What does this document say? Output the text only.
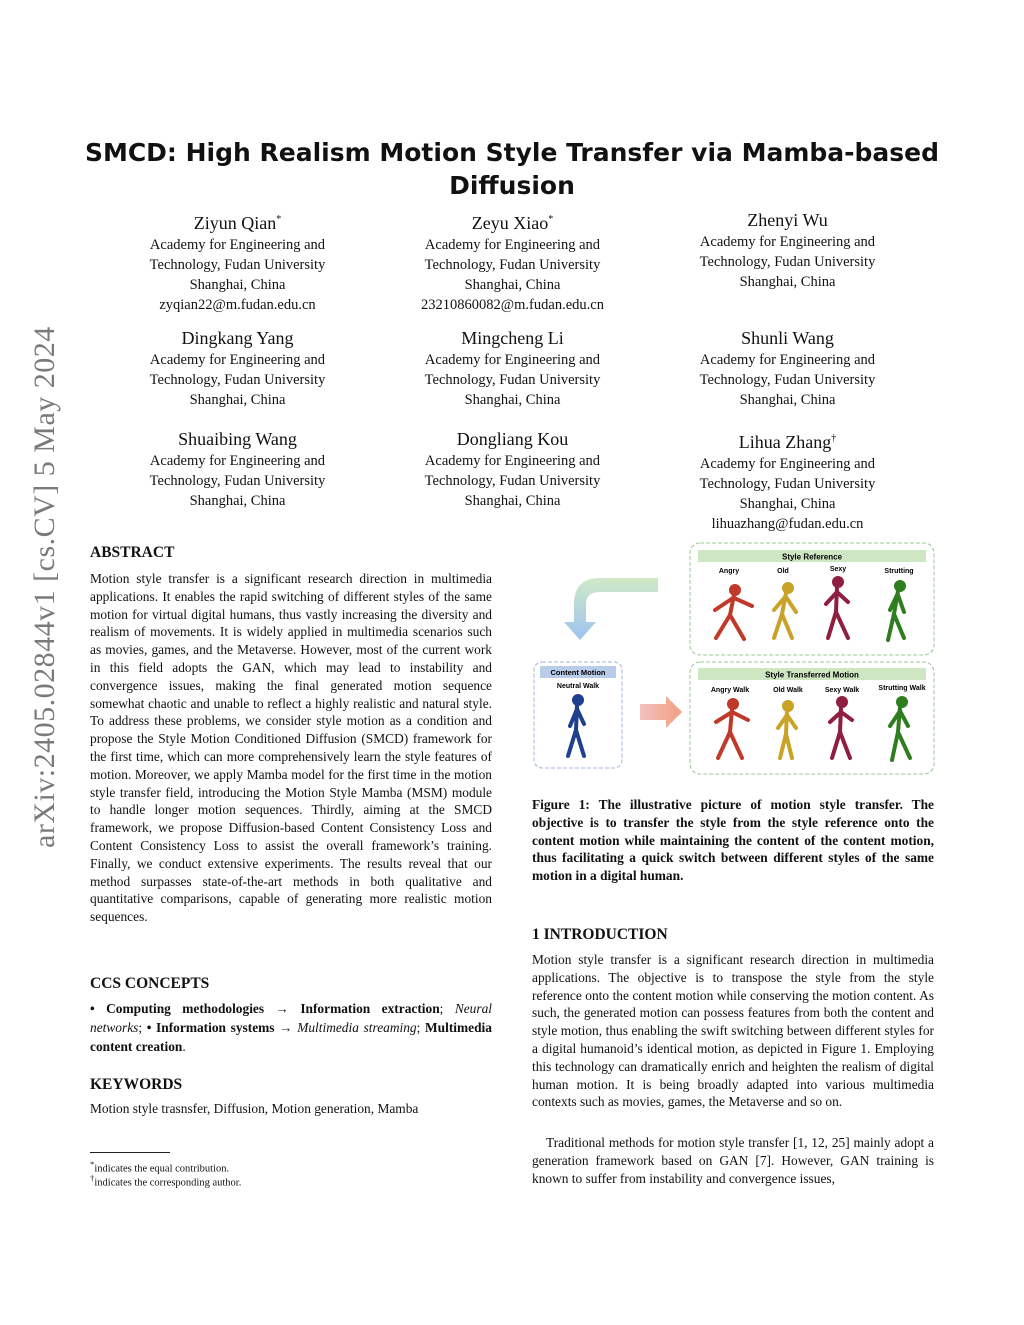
arXiv:2405.02844v1 [cs.CV] 5 May 2024
SMCD: High Realism Motion Style Transfer via Mamba-based Diffusion
Ziyun Qian*
Academy for Engineering and
Technology, Fudan University
Shanghai, China
zyqian22@m.fudan.edu.cn
Zeyu Xiao*
Academy for Engineering and
Technology, Fudan University
Shanghai, China
23210860082@m.fudan.edu.cn
Zhenyi Wu
Academy for Engineering and
Technology, Fudan University
Shanghai, China
Dingkang Yang
Academy for Engineering and
Technology, Fudan University
Shanghai, China
Mingcheng Li
Academy for Engineering and
Technology, Fudan University
Shanghai, China
Shunli Wang
Academy for Engineering and
Technology, Fudan University
Shanghai, China
Shuaibing Wang
Academy for Engineering and
Technology, Fudan University
Shanghai, China
Dongliang Kou
Academy for Engineering and
Technology, Fudan University
Shanghai, China
Lihua Zhang†
Academy for Engineering and
Technology, Fudan University
Shanghai, China
lihuazhang@fudan.edu.cn
ABSTRACT
Motion style transfer is a significant research direction in multimedia applications. It enables the rapid switching of different styles of the same motion for virtual digital humans, thus vastly increasing the diversity and realism of movements. It is widely applied in multimedia scenarios such as movies, games, and the Metaverse. However, most of the current work in this field adopts the GAN, which may lead to instability and convergence issues, making the final generated motion sequence somewhat chaotic and unable to reflect a highly realistic and natural style. To address these problems, we consider style motion as a condition and propose the Style Motion Conditioned Diffusion (SMCD) framework for the first time, which can more comprehensively learn the style features of motion. Moreover, we apply Mamba model for the first time in the motion style transfer field, introducing the Motion Style Mamba (MSM) module to handle longer motion sequences. Thirdly, aiming at the SMCD framework, we propose Diffusion-based Content Consistency Loss and Content Consistency Loss to assist the overall framework’s training. Finally, we conduct extensive experiments. The results reveal that our method surpasses state-of-the-art methods in both qualitative and quantitative comparisons, capable of generating more realistic motion sequences.
CCS CONCEPTS
• Computing methodologies → Information extraction; Neural networks; • Information systems → Multimedia streaming; Multimedia content creation.
KEYWORDS
Motion style trasnsfer, Diffusion, Motion generation, Mamba
*indicates the equal contribution.
†indicates the corresponding author.
Style Reference
Angry	Old	Sexy	Strutting
Content Motion
Neutral Walk
Style Transferred Motion
Angry Walk	Old Walk	Sexy Walk	Strutting Walk
Figure 1: The illustrative picture of motion style transfer. The objective is to transfer the style from the style reference onto the content motion while maintaining the content of the content motion, thus facilitating a quick switch between different styles of the same motion in a digital human.
1 INTRODUCTION
Motion style transfer is a significant research direction in multimedia applications. The objective is to transpose the style from the style reference onto the content motion while conserving the motion content. As such, the generated motion can possess features from both the content and style motion, thus enabling the swift switching between different styles for a digital humanoid’s identical motion, as depicted in Figure 1. Employing this technology can dramatically enrich and heighten the realism of digital human motion. It is being broadly adapted into various multimedia contexts such as movies, games, the Metaverse and so on.
Traditional methods for motion style transfer [1, 12, 25] mainly adopt a generation framework based on GAN [7]. However, GAN training is known to suffer from instability and convergence issues,
